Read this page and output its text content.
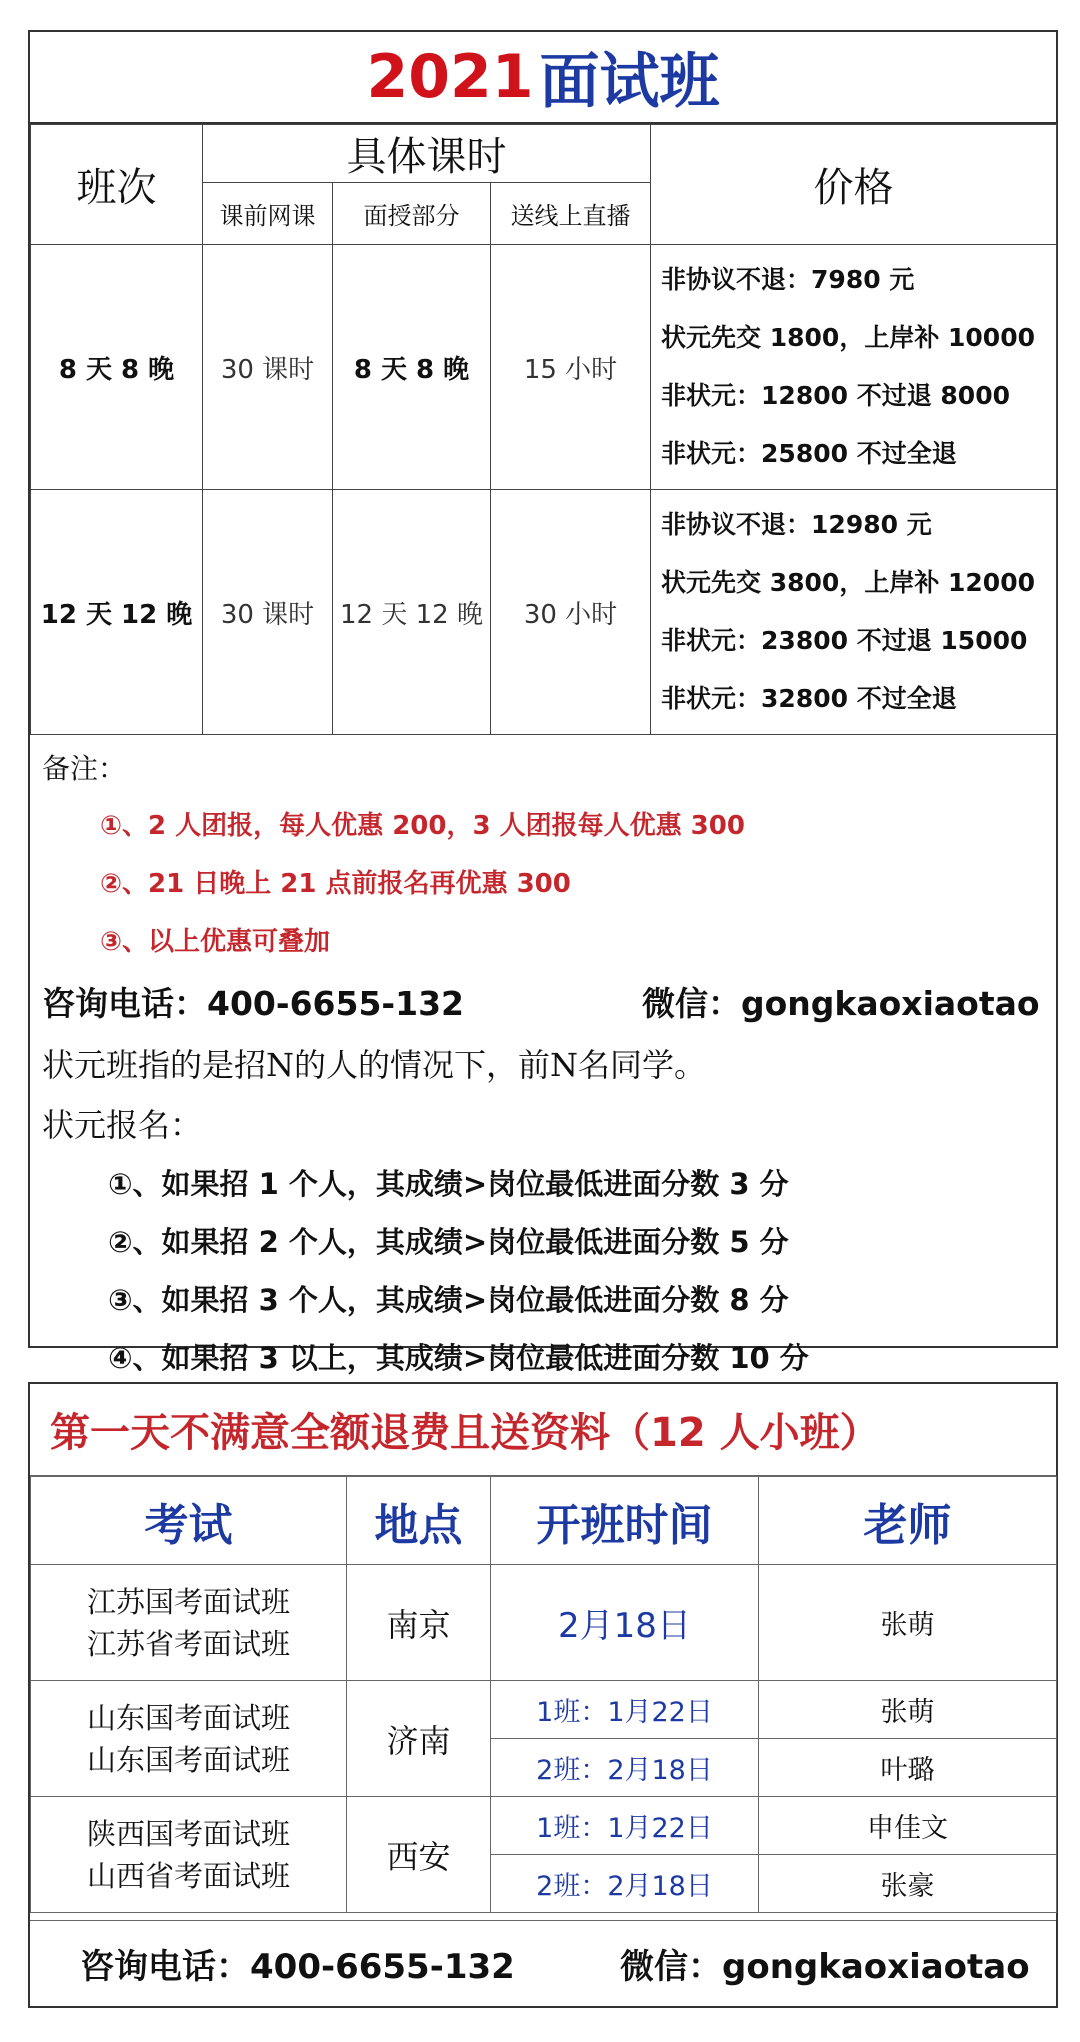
2021 面试班
班次	具体课时			价格
	课前网课	面授部分	送线上直播	
8 天 8 晚	30 课时	8 天 8 晚	15 小时	非协议不退：7980 元
状元先交 1800，上岸补 10000
非状元：12800 不过退 8000
非状元：25800 不过全退

12 天 12 晚	30 课时	12 天 12 晚	30 小时	非协议不退：12980 元
状元先交 3800，上岸补 12000
非状元：23800 不过退 15000
非状元：32800 不过全退
备注：
①、2 人团报，每人优惠 200，3 人团报每人优惠 300
②、21 日晚上 21 点前报名再优惠 300
③、以上优惠可叠加
咨询电话：400-6655-132	微信：gongkaoxiaotao
状元班指的是招N的人的情况下，前N名同学。
状元报名：
①、如果招 1 个人，其成绩>岗位最低进面分数 3 分
②、如果招 2 个人，其成绩>岗位最低进面分数 5 分
③、如果招 3 个人，其成绩>岗位最低进面分数 8 分
④、如果招 3 以上，其成绩>岗位最低进面分数 10 分
第一天不满意全额退费且送资料（12 人小班）
考试	地点	开班时间	老师

江苏国考面试班
江苏省考面试班	南京	2月18日	张萌

山东国考面试班
山东国考面试班	济南	1班：1月22日	张萌
		2班：2月18日	叶璐

陕西国考面试班
山西省考面试班	西安	1班：1月22日	申佳文
		2班：2月18日	张豪
咨询电话：400-6655-132	微信：gongkaoxiaotao
